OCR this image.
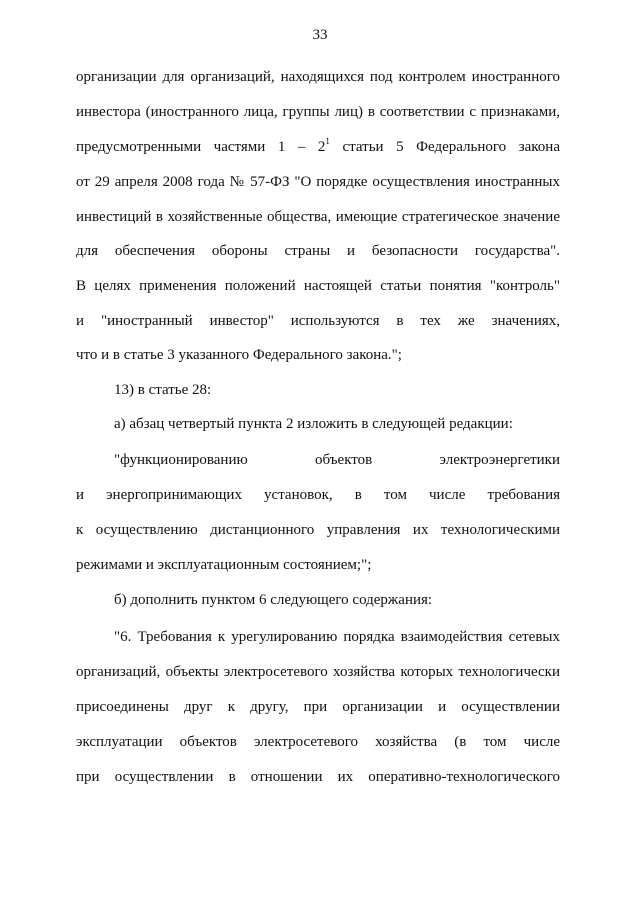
33
организации для организаций, находящихся под контролем иностранного
инвестора (иностранного лица, группы лиц) в соответствии с признаками,
предусмотренными частями $1 - 2^1$ статьи 5 Федерального закона
от 29 апреля 2008 года № 57-ФЗ "О порядке осуществления иностранных
инвестиций в хозяйственные общества, имеющие стратегическое значение
для обеспечения обороны страны и безопасности государства".
В целях применения положений настоящей статьи понятия "контроль"
и "иностранный инвестор" используются в тех же значениях,
что и в статье 3 указанного Федерального закона.";
13) в статье 28:
а) абзац четвертый пункта 2 изложить в следующей редакции:
"функционированию объектов электроэнергетики
и энергопринимающих установок, в том числе требования
к осуществлению дистанционного управления их технологическими
режимами и эксплуатационным состоянием;";
б) дополнить пунктом 6 следующего содержания:
"6. Требования к урегулированию порядка взаимодействия сетевых
организаций, объекты электросетевого хозяйства которых технологически
присоединены друг к другу, при организации и осуществлении
эксплуатации объектов электросетевого хозяйства (в том числе
при осуществлении в отношении их оперативно-технологического
